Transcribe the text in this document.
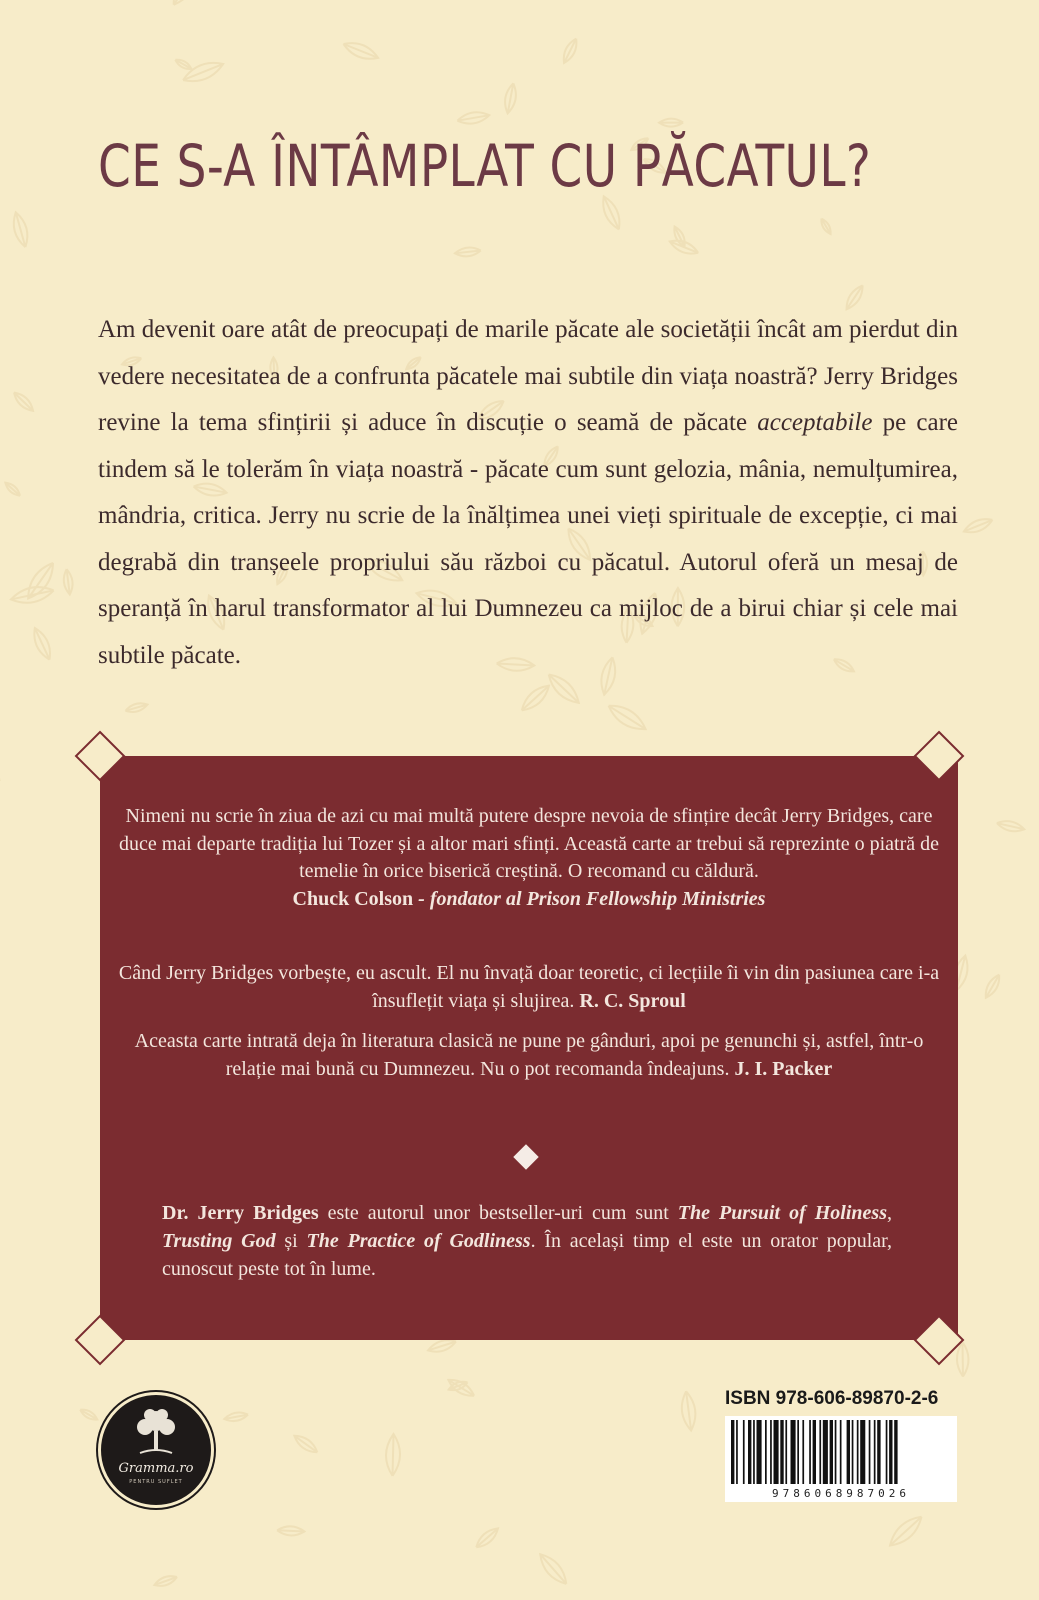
CE S-A ÎNTÂMPLAT CU PĂCATUL?

Am devenit oare atât de preocupați de marile păcate ale societății încât am pierdut din vedere necesitatea de a confrunta păcatele mai subtile din viața noastră? Jerry Bridges revine la tema sfințirii și aduce în discuție o seamă de păcate acceptabile pe care tindem să le tolerăm în viața noastră - păcate cum sunt gelozia, mânia, nemulțumirea, mândria, critica. Jerry nu scrie de la înălțimea unei vieți spirituale de excepție, ci mai degrabă din tranșeele propriului său război cu păcatul. Autorul oferă un mesaj de speranță în harul transformator al lui Dumnezeu ca mijloc de a birui chiar și cele mai subtile păcate.

Nimeni nu scrie în ziua de azi cu mai multă putere despre nevoia de sfințire decât Jerry Bridges, care duce mai departe tradiția lui Tozer și a altor mari sfinți. Această carte ar trebui să reprezinte o piatră de temelie în orice biserică creștină. O recomand cu căldură.
Chuck Colson - fondator al Prison Fellowship Ministries

Când Jerry Bridges vorbește, eu ascult. El nu învață doar teoretic, ci lecțiile îi vin din pasiunea care i-a însuflețit viața și slujirea. R. C. Sproul

Aceasta carte intrată deja în literatura clasică ne pune pe gânduri, apoi pe genunchi și, astfel, într-o relație mai bună cu Dumnezeu. Nu o pot recomanda îndeajuns. J. I. Packer

Dr. Jerry Bridges este autorul unor bestseller-uri cum sunt The Pursuit of Holiness, Trusting God și The Practice of Godliness. În același timp el este un orator popular, cunoscut peste tot în lume.

Gramma.ro
PENTRU SUFLET
ISBN 978-606-89870-2-6
9786068987026
